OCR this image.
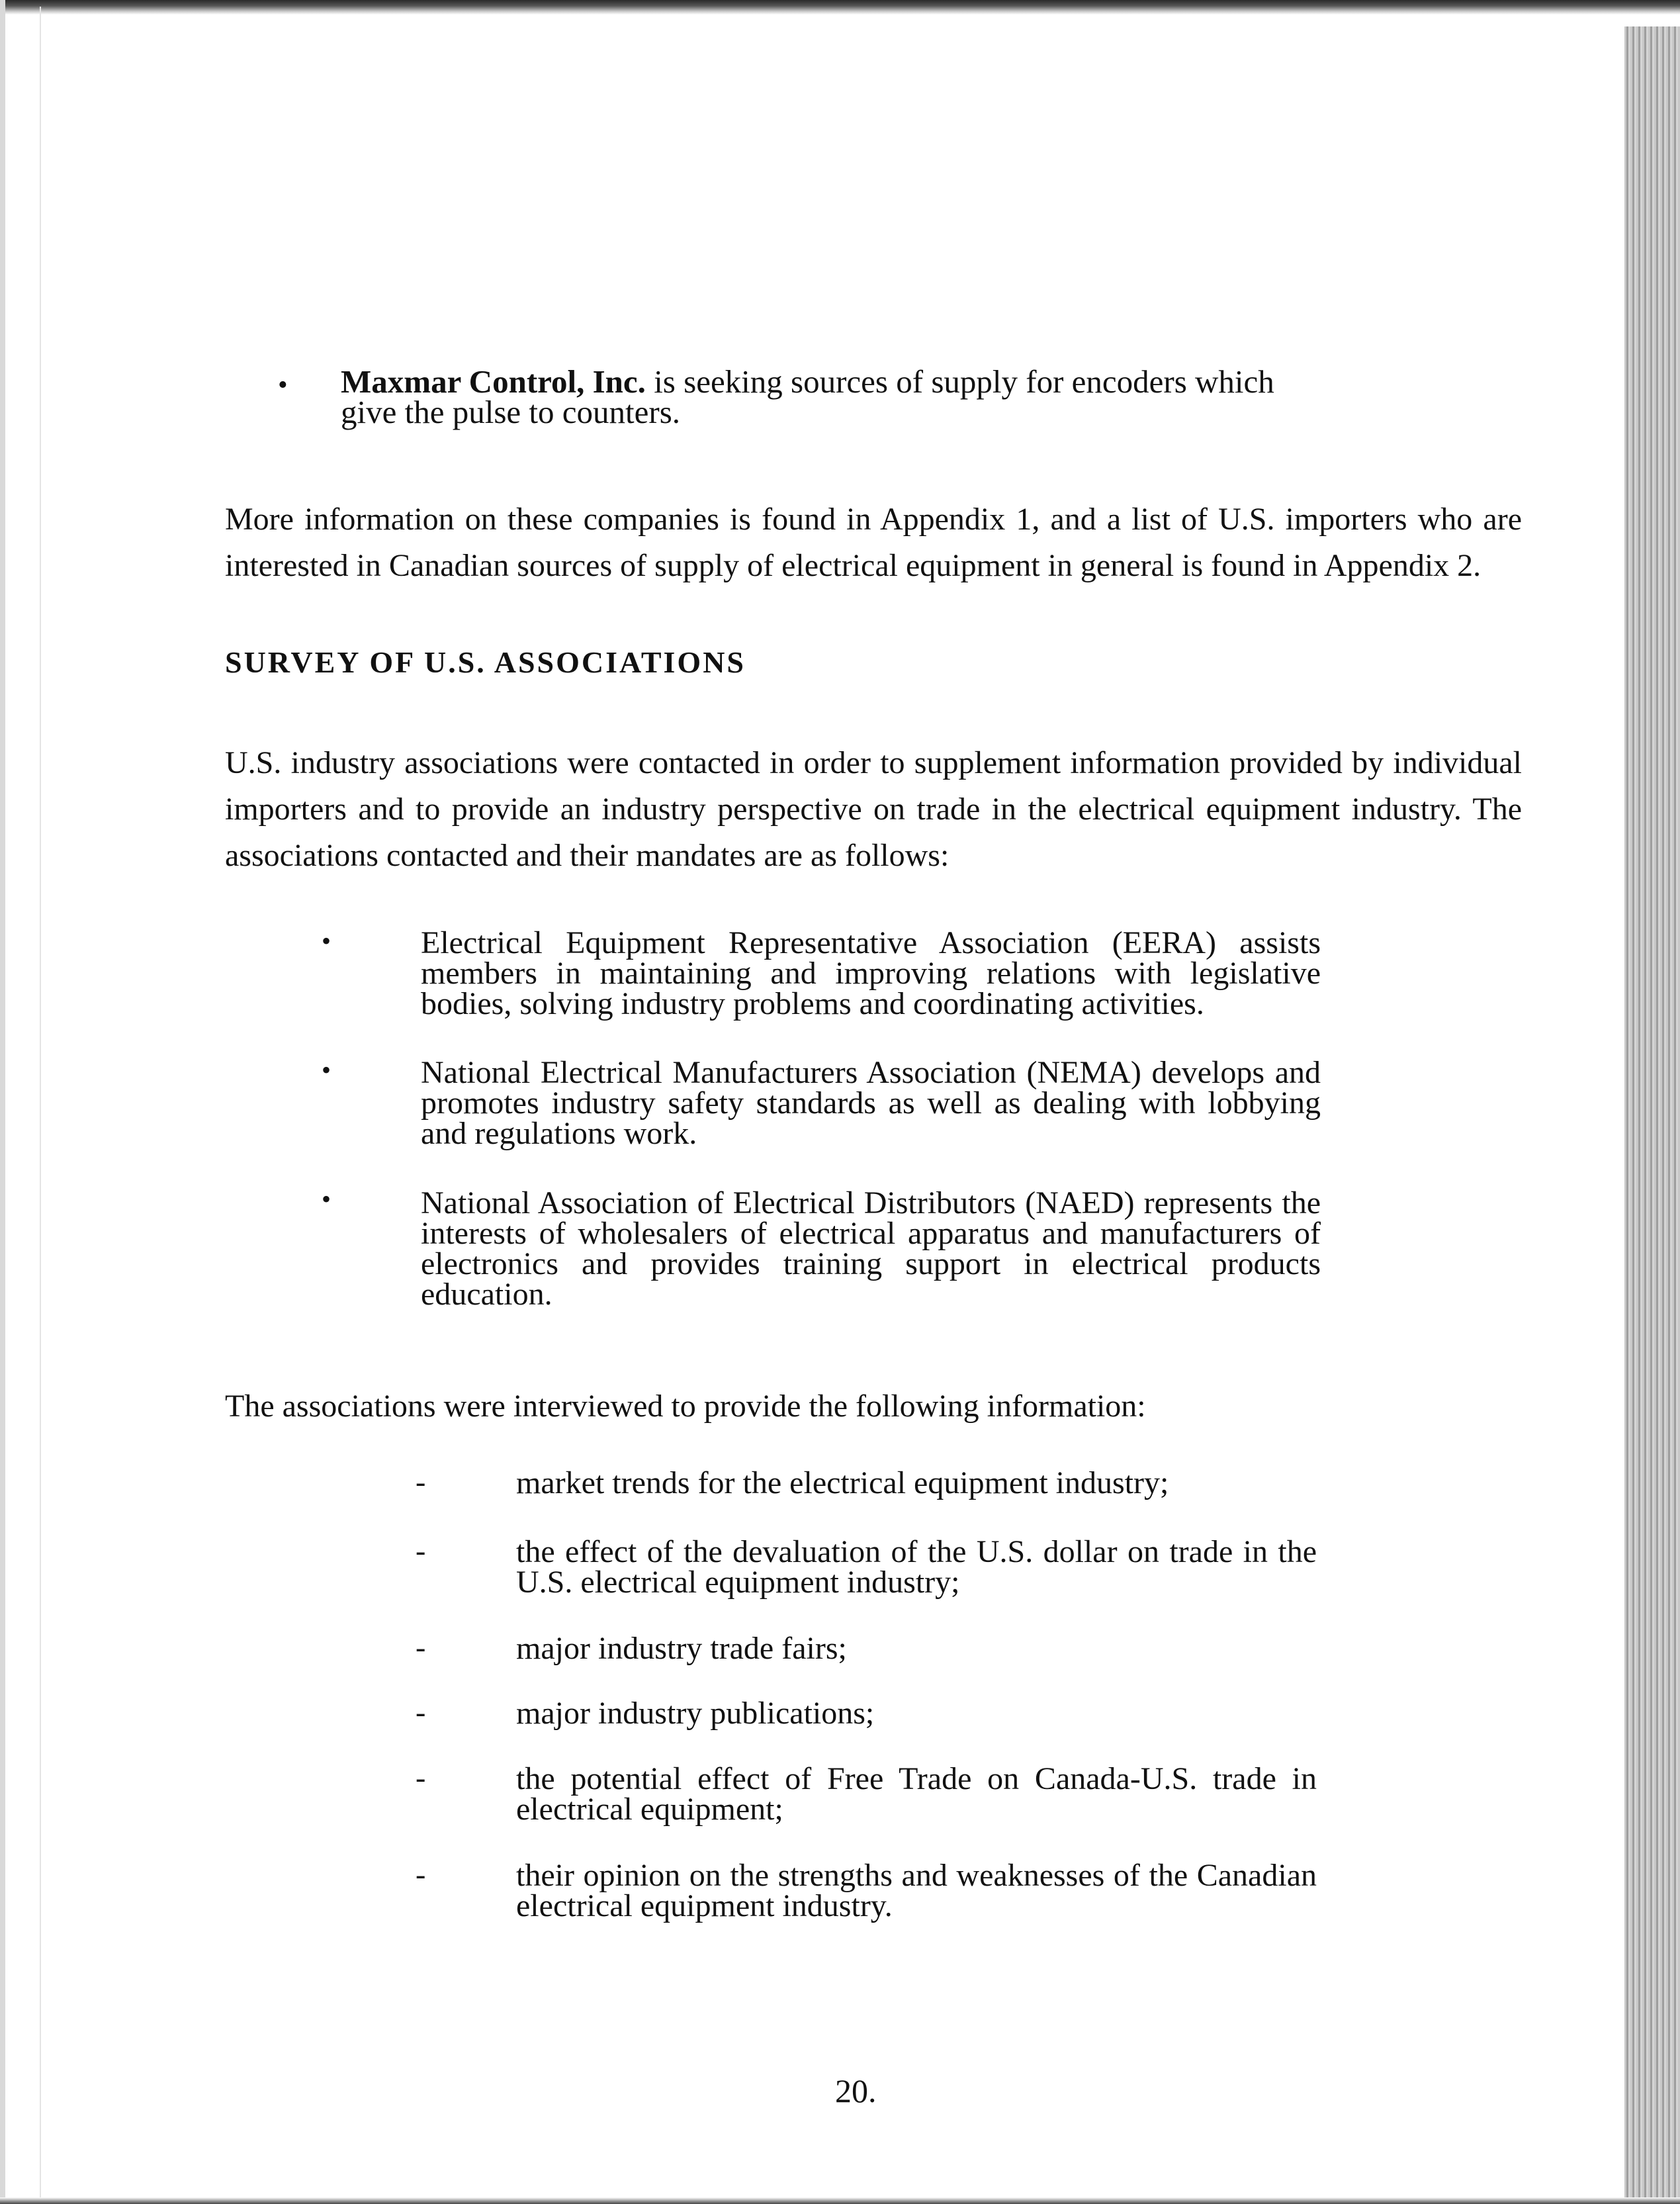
• Maxmar Control, Inc. is seeking sources of supply for encoders which give the pulse to counters.
More information on these companies is found in Appendix 1, and a list of U.S. importers who are interested in Canadian sources of supply of electrical equipment in general is found in Appendix 2.
SURVEY OF U.S. ASSOCIATIONS
U.S. industry associations were contacted in order to supplement information provided by individual importers and to provide an industry perspective on trade in the electrical equipment industry. The associations contacted and their mandates are as follows:
•	Electrical Equipment Representative Association (EERA) assists members in maintaining and improving relations with legislative bodies, solving industry problems and coordinating activities.
•	National Electrical Manufacturers Association (NEMA) develops and promotes industry safety standards as well as dealing with lobbying and regulations work.
•	National Association of Electrical Distributors (NAED) represents the interests of wholesalers of electrical apparatus and manufacturers of electronics and provides training support in electrical products education.
The associations were interviewed to provide the following information:
-	market trends for the electrical equipment industry;
-	the effect of the devaluation of the U.S. dollar on trade in the U.S. electrical equipment industry;
-	major industry trade fairs;
-	major industry publications;
-	the potential effect of Free Trade on Canada-U.S. trade in electrical equipment;
-	their opinion on the strengths and weaknesses of the Canadian electrical equipment industry.
20.
